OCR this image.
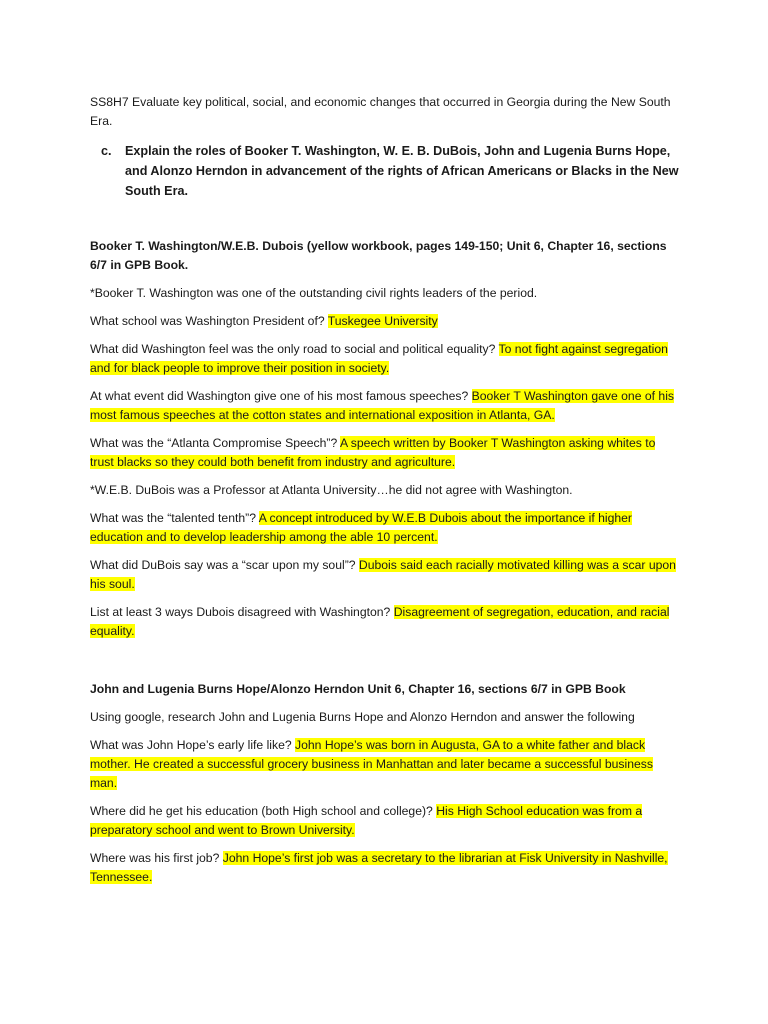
SS8H7 Evaluate key political, social, and economic changes that occurred in Georgia during the New South Era.

c.	Explain the roles of Booker T. Washington, W. E. B. DuBois, John and Lugenia Burns Hope, and Alonzo Herndon in advancement of the rights of African Americans or Blacks in the New South Era.

Booker T. Washington/W.E.B. Dubois (yellow workbook, pages 149-150; Unit 6, Chapter 16, sections 6/7 in GPB Book.

*Booker T. Washington was one of the outstanding civil rights leaders of the period.

What school was Washington President of? Tuskegee University

What did Washington feel was the only road to social and political equality? To not fight against segregation and for black people to improve their position in society.

At what event did Washington give one of his most famous speeches? Booker T Washington gave one of his most famous speeches at the cotton states and international exposition in Atlanta, GA.

What was the “Atlanta Compromise Speech”? A speech written by Booker T Washington asking whites to trust blacks so they could both benefit from industry and agriculture.

*W.E.B. DuBois was a Professor at Atlanta University…he did not agree with Washington.

What was the “talented tenth”? A concept introduced by W.E.B Dubois about the importance if higher education and to develop leadership among the able 10 percent.

What did DuBois say was a “scar upon my soul”? Dubois said each racially motivated killing was a scar upon his soul.

List at least 3 ways Dubois disagreed with Washington? Disagreement of segregation, education, and racial equality.

John and Lugenia Burns Hope/Alonzo Herndon Unit 6, Chapter 16, sections 6/7 in GPB Book

Using google, research John and Lugenia Burns Hope and Alonzo Herndon and answer the following

What was John Hope’s early life like? John Hope’s was born in Augusta, GA to a white father and black mother. He created a successful grocery business in Manhattan and later became a successful business man.

Where did he get his education (both High school and college)? His High School education was from a preparatory school and went to Brown University.

Where was his first job? John Hope’s first job was a secretary to the librarian at Fisk University in Nashville, Tennessee.
